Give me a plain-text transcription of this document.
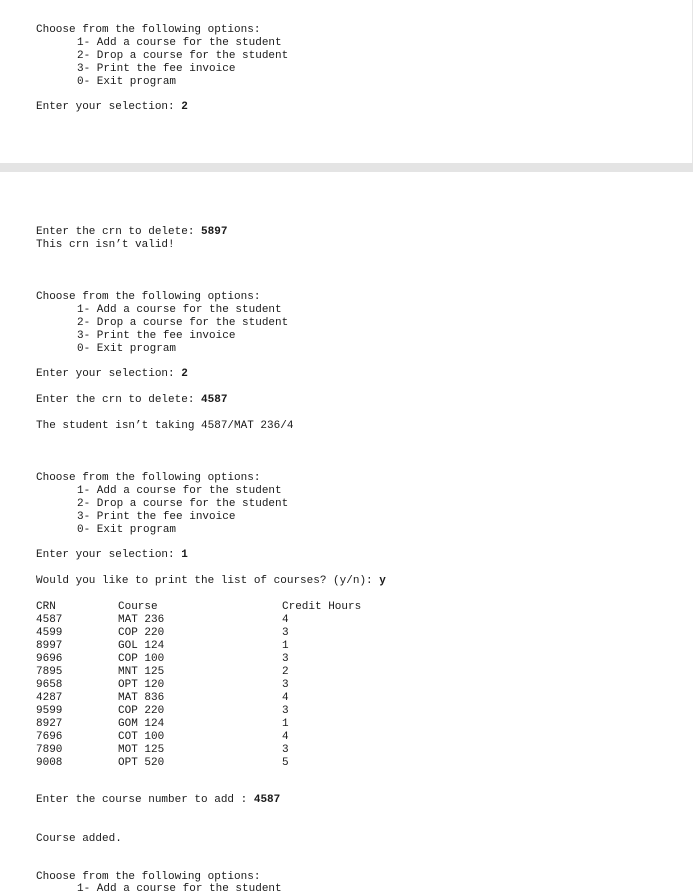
Choose from the following options:
1- Add a course for the student
2- Drop a course for the student
3- Print the fee invoice
0- Exit program
Enter your selection: 2
Enter the crn to delete: 5897
This crn isn’t valid!
Choose from the following options:
1- Add a course for the student
2- Drop a course for the student
3- Print the fee invoice
0- Exit program
Enter your selection: 2
Enter the crn to delete: 4587
The student isn’t taking 4587/MAT 236/4
Choose from the following options:
1- Add a course for the student
2- Drop a course for the student
3- Print the fee invoice
0- Exit program
Enter your selection: 1
Would you like to print the list of courses? (y/n): y
CRN	Course	Credit Hours
4587	MAT 236	4
4599	COP 220	3
8997	GOL 124	1
9696	COP 100	3
7895	MNT 125	2
9658	OPT 120	3
4287	MAT 836	4
9599	COP 220	3
8927	GOM 124	1
7696	COT 100	4
7890	MOT 125	3
9008	OPT 520	5
Enter the course number to add : 4587
Course added.
Choose from the following options:
1- Add a course for the student
